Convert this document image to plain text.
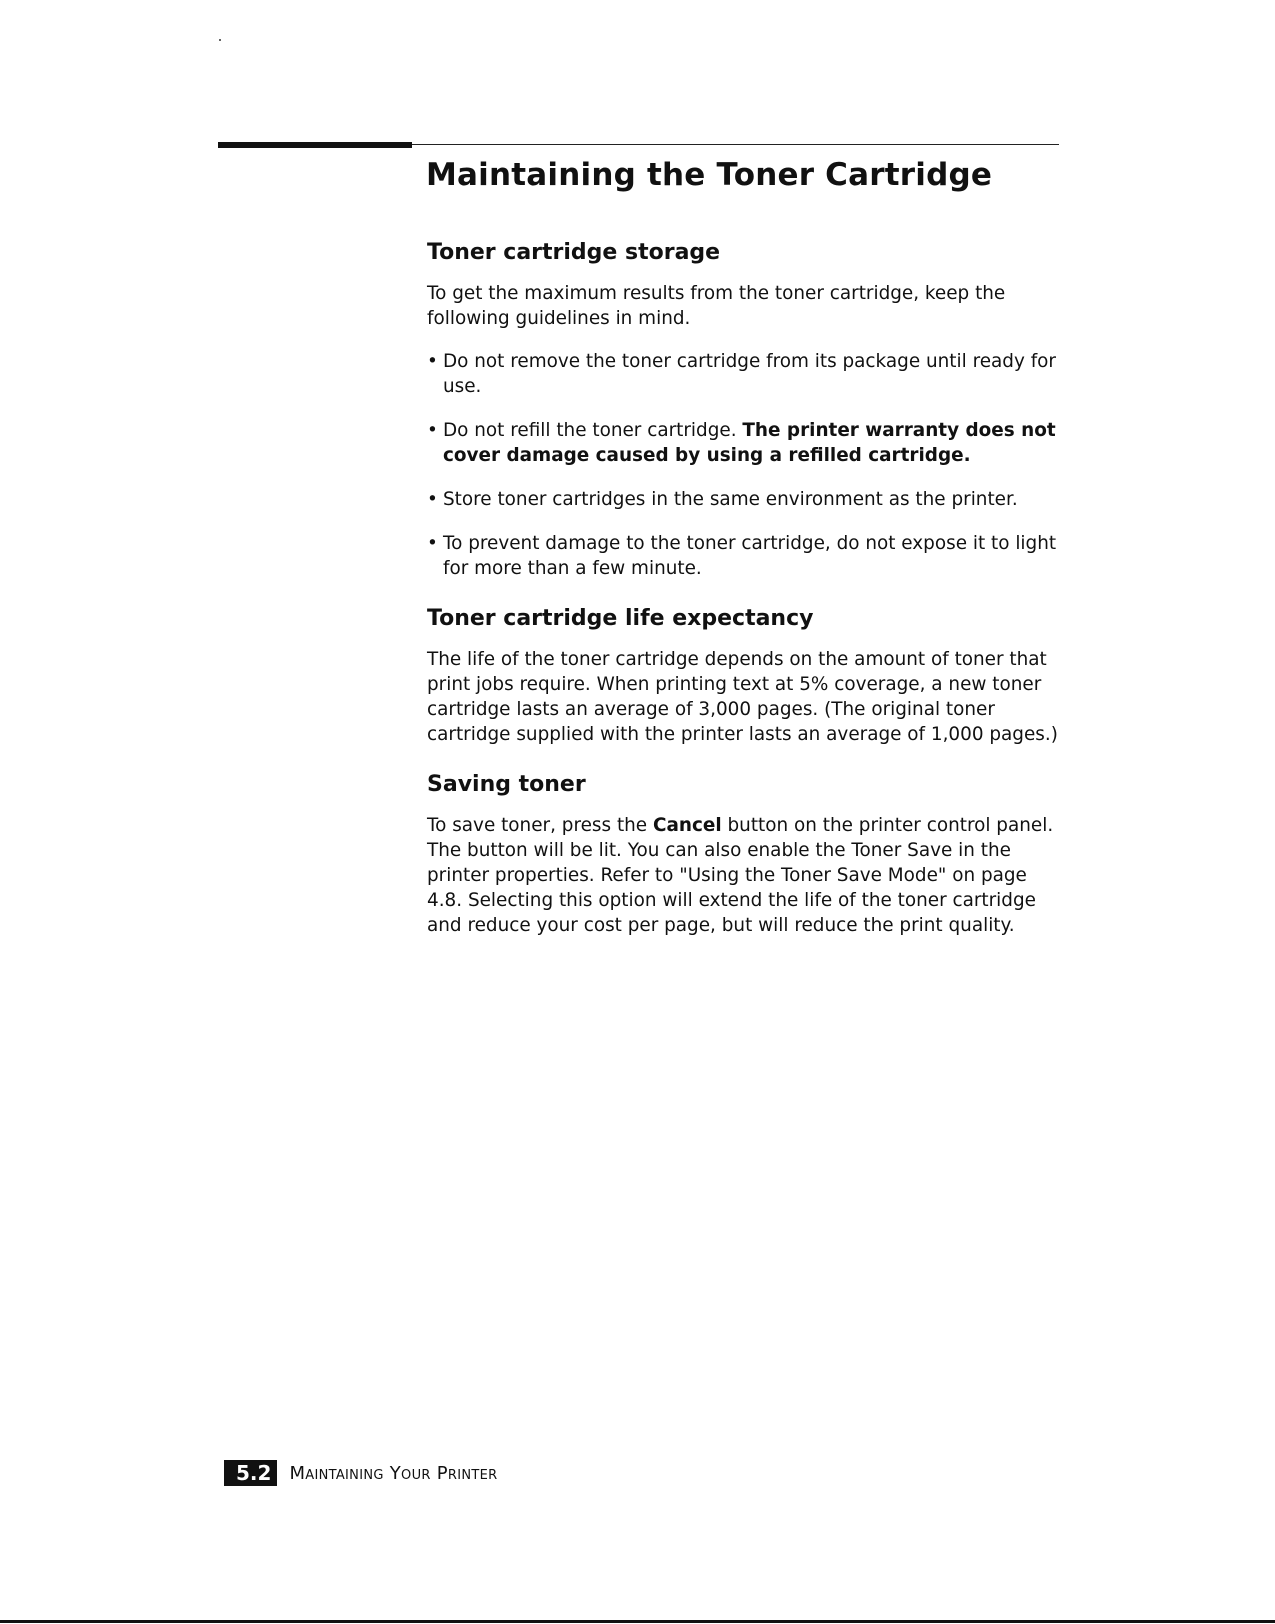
Maintaining the Toner Cartridge
Toner cartridge storage

To get the maximum results from the toner cartridge, keep the following guidelines in mind.

• Do not remove the toner cartridge from its package until ready for use.
• Do not refill the toner cartridge. The printer warranty does not cover damage caused by using a refilled cartridge.
• Store toner cartridges in the same environment as the printer.
• To prevent damage to the toner cartridge, do not expose it to light for more than a few minute.
Toner cartridge life expectancy

The life of the toner cartridge depends on the amount of toner that print jobs require. When printing text at 5% coverage, a new toner cartridge lasts an average of 3,000 pages. (The original toner cartridge supplied with the printer lasts an average of 1,000 pages.)

Saving toner

To save toner, press the Cancel button on the printer control panel. The button will be lit. You can also enable the Toner Save in the printer properties. Refer to "Using the Toner Save Mode" on page 4.8. Selecting this option will extend the life of the toner cartridge and reduce your cost per page, but will reduce the print quality.

5.2	Maintaining Your Printer
